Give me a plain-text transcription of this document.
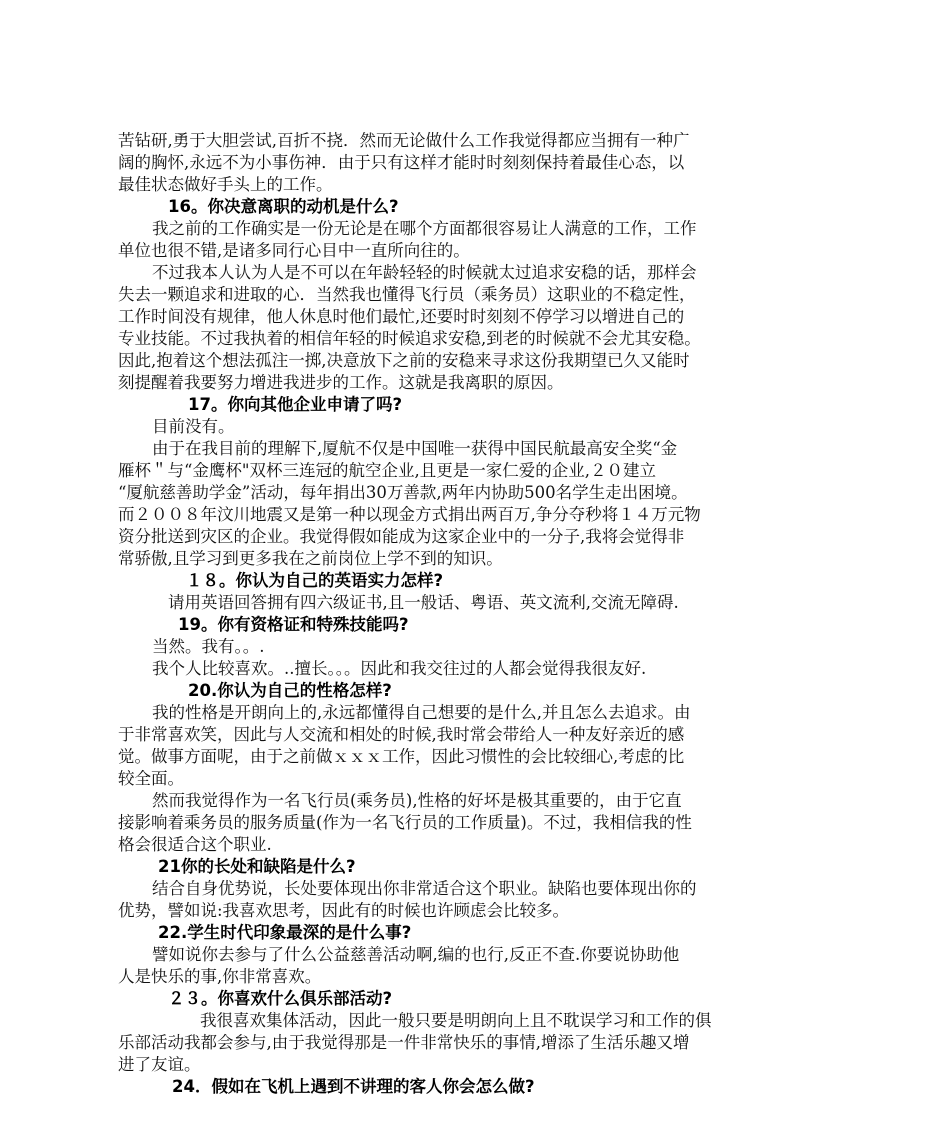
苦钻研,勇于大胆尝试,百折不挠．然而无论做什么工作我觉得都应当拥有一种广
阔的胸怀,永远不为小事伤神．由于只有这样才能时时刻刻保持着最佳心态，以
最佳状态做好手头上的工作。
16。你决意离职的动机是什么?
我之前的工作确实是一份无论是在哪个方面都很容易让人满意的工作，工作
单位也很不错,是诸多同行心目中一直所向往的。
不过我本人认为人是不可以在年龄轻轻的时候就太过追求安稳的话，那样会
失去一颗追求和进取的心．当然我也懂得飞行员（乘务员）这职业的不稳定性，
工作时间没有规律，他人休息时他们最忙,还要时时刻刻不停学习以增进自己的
专业技能。不过我执着的相信年轻的时候追求安稳,到老的时候就不会尤其安稳。
因此,抱着这个想法孤注一掷,决意放下之前的安稳来寻求这份我期望已久又能时
刻提醒着我要努力增进我进步的工作。这就是我离职的原因。
17。你向其他企业申请了吗?
目前没有。
由于在我目前的理解下,厦航不仅是中国唯一获得中国民航最高安全奖“金
雁杯＂与“金鹰杯"双杯三连冠的航空企业,且更是一家仁爱的企业,２０建立
“厦航慈善助学金”活动，每年捐出30万善款,两年内协助500名学生走出困境。
而２００８年汶川地震又是第一种以现金方式捐出两百万,争分夺秒将１４万元物
资分批送到灾区的企业。我觉得假如能成为这家企业中的一分子,我将会觉得非
常骄傲,且学习到更多我在之前岗位上学不到的知识。
１８。你认为自己的英语实力怎样?
请用英语回答拥有四六级证书,且一般话、粤语、英文流利,交流无障碍.
19。你有资格证和特殊技能吗?
当然。我有。。.
我个人比较喜欢。..擅长。。。因此和我交往过的人都会觉得我很友好.
20.你认为自己的性格怎样?
我的性格是开朗向上的,永远都懂得自己想要的是什么,并且怎么去追求。由
于非常喜欢笑，因此与人交流和相处的时候,我时常会带给人一种友好亲近的感
觉。做事方面呢，由于之前做ｘｘｘ工作，因此习惯性的会比较细心,考虑的比
较全面。
然而我觉得作为一名飞行员(乘务员),性格的好坏是极其重要的，由于它直
接影响着乘务员的服务质量(作为一名飞行员的工作质量)。不过，我相信我的性
格会很适合这个职业.
21你的长处和缺陷是什么?
结合自身优势说，长处要体现出你非常适合这个职业。缺陷也要体现出你的
优势，譬如说:我喜欢思考，因此有的时候也许顾虑会比较多。
22.学生时代印象最深的是什么事?
譬如说你去参与了什么公益慈善活动啊,编的也行,反正不查.你要说协助他
人是快乐的事,你非常喜欢。
２３。你喜欢什么俱乐部活动?
我很喜欢集体活动，因此一般只要是明朗向上且不耽误学习和工作的俱
乐部活动我都会参与,由于我觉得那是一件非常快乐的事情,增添了生活乐趣又增
进了友谊。
24．假如在飞机上遇到不讲理的客人你会怎么做?
